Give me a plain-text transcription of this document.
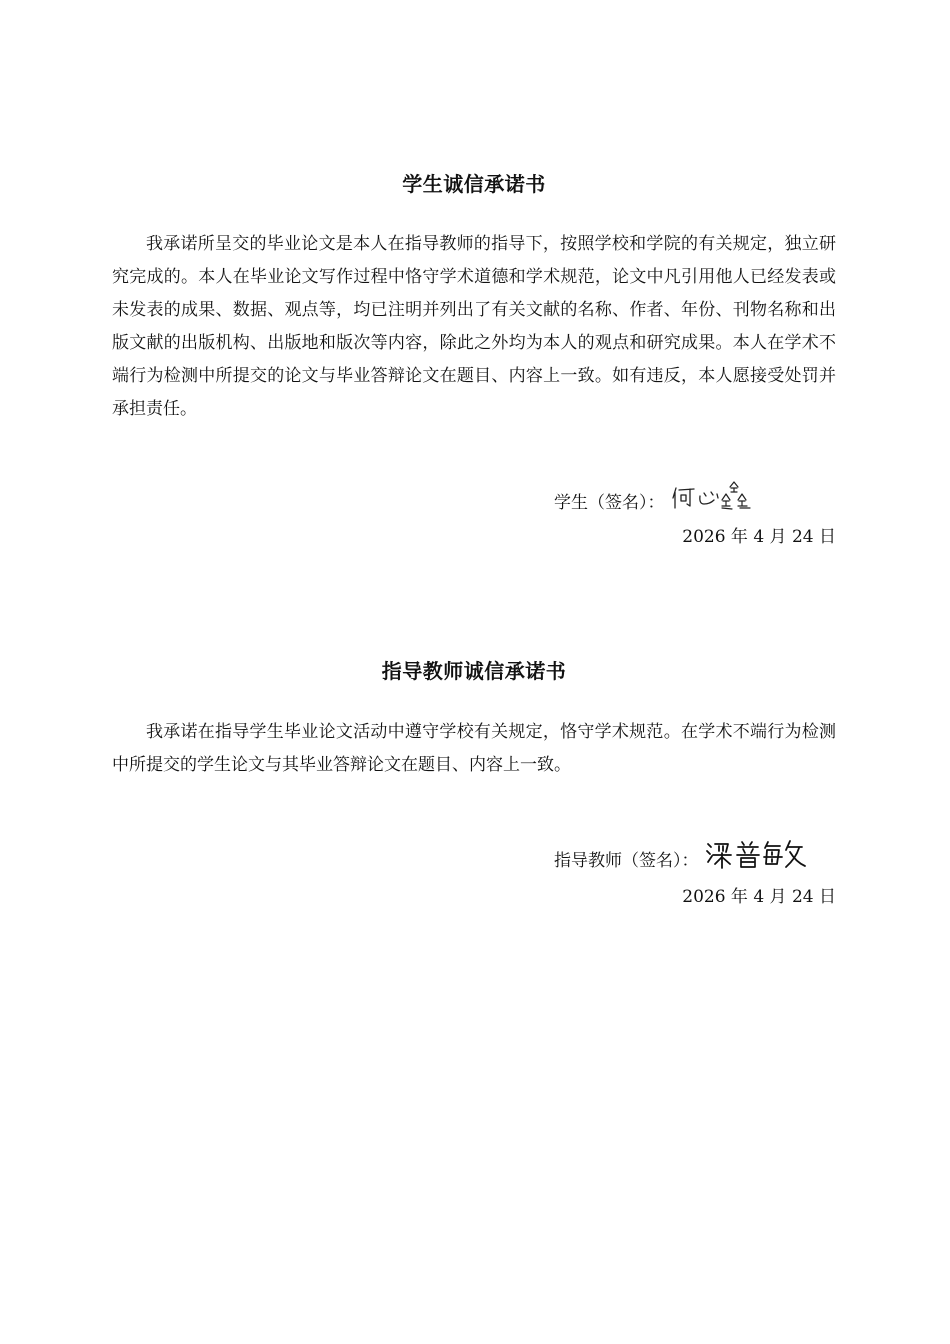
学生诚信承诺书

我承诺所呈交的毕业论文是本人在指导教师的指导下，按照学校和学院的有关规定，独立研究完成的。本人在毕业论文写作过程中恪守学术道德和学术规范，论文中凡引用他人已经发表或未发表的成果、数据、观点等，均已注明并列出了有关文献的名称、作者、年份、刊物名称和出版文献的出版机构、出版地和版次等内容，除此之外均为本人的观点和研究成果。本人在学术不端行为检测中所提交的论文与毕业答辩论文在题目、内容上一致。如有违反，本人愿接受处罚并承担责任。

学生（签名）：
2026 年 4 月 24 日
指导教师诚信承诺书

我承诺在指导学生毕业论文活动中遵守学校有关规定，恪守学术规范。在学术不端行为检测中所提交的学生论文与其毕业答辩论文在题目、内容上一致。

指导教师（签名）：
2026 年 4 月 24 日
